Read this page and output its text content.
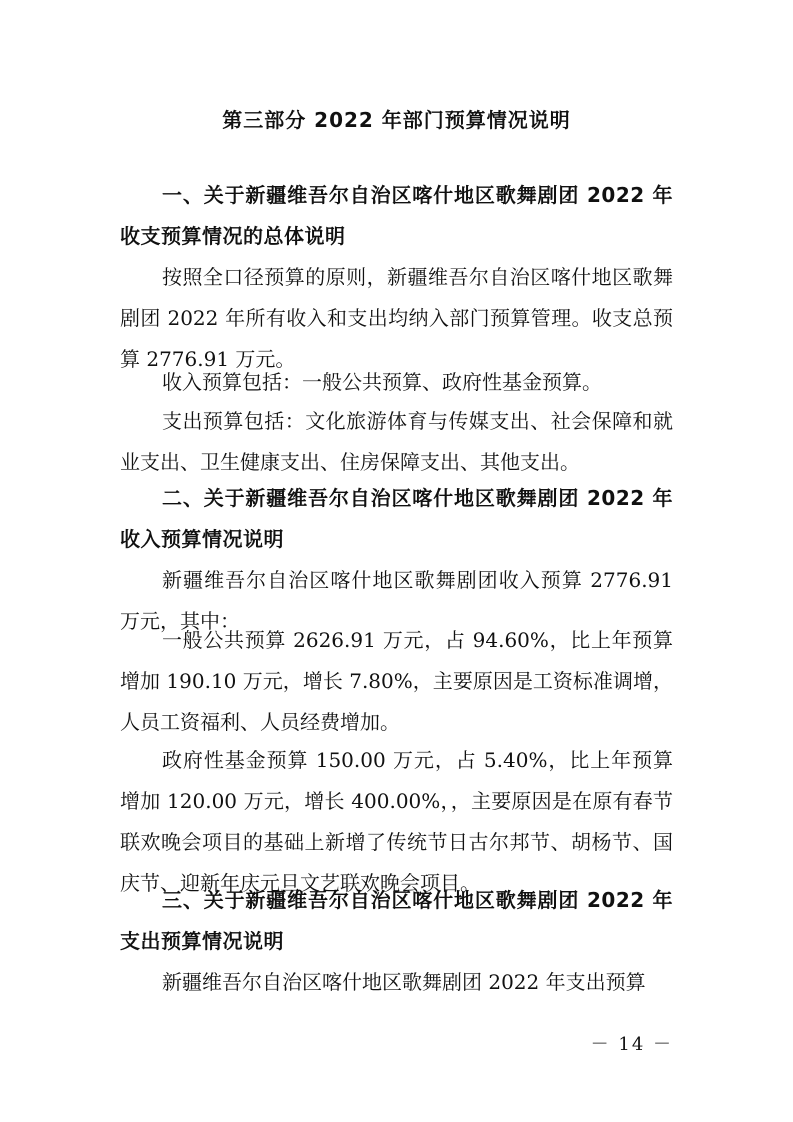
第三部分 2022 年部门预算情况说明
一、关于新疆维吾尔自治区喀什地区歌舞剧团 2022 年收支预算情况的总体说明
按照全口径预算的原则，新疆维吾尔自治区喀什地区歌舞剧团 2022 年所有收入和支出均纳入部门预算管理。收支总预算 2776.91 万元。
收入预算包括：一般公共预算、政府性基金预算。
支出预算包括：文化旅游体育与传媒支出、社会保障和就业支出、卫生健康支出、住房保障支出、其他支出。
二、关于新疆维吾尔自治区喀什地区歌舞剧团 2022 年收入预算情况说明
新疆维吾尔自治区喀什地区歌舞剧团收入预算 2776.91 万元，其中：
一般公共预算 2626.91 万元，占 94.60%，比上年预算增加 190.10 万元，增长 7.80%，主要原因是工资标准调增，人员工资福利、人员经费增加。
政府性基金预算 150.00 万元，占 5.40%，比上年预算增加 120.00 万元，增长 400.00%，，主要原因是在原有春节联欢晚会项目的基础上新增了传统节日古尔邦节、胡杨节、国庆节、迎新年庆元旦文艺联欢晚会项目。
三、关于新疆维吾尔自治区喀什地区歌舞剧团 2022 年支出预算情况说明
新疆维吾尔自治区喀什地区歌舞剧团 2022 年支出预算
－ 14 －
